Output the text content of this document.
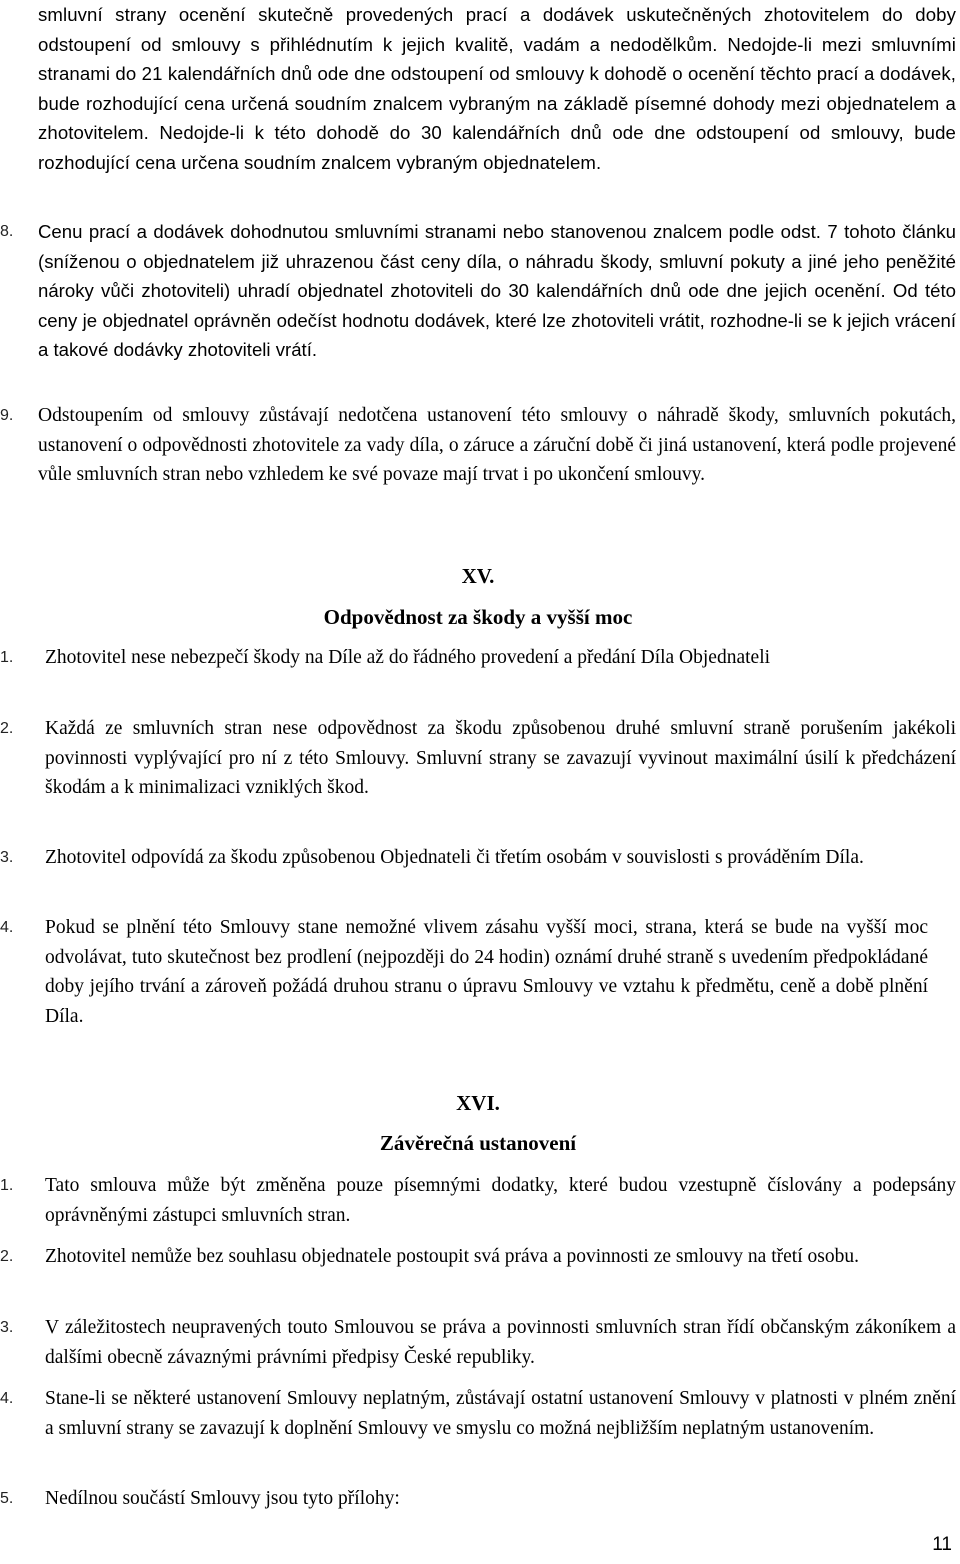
smluvní strany ocenění skutečně provedených prací a dodávek uskutečněných zhotovitelem do doby odstoupení od smlouvy s přihlédnutím k jejich kvalitě, vadám a nedodělkům. Nedojde-li mezi smluvními stranami do 21 kalendářních dnů ode dne odstoupení od smlouvy k dohodě o ocenění těchto prací a dodávek, bude rozhodující cena určená soudním znalcem vybraným na základě písemné dohody mezi objednatelem a zhotovitelem. Nedojde-li k této dohodě do 30 kalendářních dnů ode dne odstoupení od smlouvy, bude rozhodující cena určena soudním znalcem vybraným objednatelem.

8.	Cenu prací a dodávek dohodnutou smluvními stranami nebo stanovenou znalcem podle odst. 7 tohoto článku (sníženou o objednatelem již uhrazenou část ceny díla, o náhradu škody, smluvní pokuty a jiné jeho peněžité nároky vůči zhotoviteli) uhradí objednatel zhotoviteli do 30 kalendářních dnů ode dne jejich ocenění. Od této ceny je objednatel oprávněn odečíst hodnotu dodávek, které lze zhotoviteli vrátit, rozhodne-li se k jejich vrácení a takové dodávky zhotoviteli vrátí.

9.	Odstoupením od smlouvy zůstávají nedotčena ustanovení této smlouvy o náhradě škody, smluvních pokutách, ustanovení o odpovědnosti zhotovitele za vady díla, o záruce a záruční době či jiná ustanovení, která podle projevené vůle smluvních stran nebo vzhledem ke své povaze mají trvat i po ukončení smlouvy.

XV.
Odpovědnost za škody a vyšší moc
1.	Zhotovitel nese nebezpečí škody na Díle až do řádného provedení a předání Díla Objednateli

2.	Každá ze smluvních stran nese odpovědnost za škodu způsobenou druhé smluvní straně porušením jakékoli povinnosti vyplývající pro ní z této Smlouvy. Smluvní strany se zavazují vyvinout maximální úsilí k předcházení škodám a k minimalizaci vzniklých škod.

3.	Zhotovitel odpovídá za škodu způsobenou Objednateli či třetím osobám v souvislosti s prováděním Díla.

4.	Pokud se plnění této Smlouvy stane nemožné vlivem zásahu vyšší moci, strana, která se bude na vyšší moc odvolávat, tuto skutečnost bez prodlení (nejpozději do 24 hodin) oznámí druhé straně s uvedením předpokládané doby jejího trvání a zároveň požádá druhou stranu o úpravu Smlouvy ve vztahu k předmětu, ceně a době plnění Díla.

XVI.
Závěrečná ustanovení
1.	Tato smlouva může být změněna pouze písemnými dodatky, které budou vzestupně číslovány a podepsány oprávněnými zástupci smluvních stran.

2.	Zhotovitel nemůže bez souhlasu objednatele postoupit svá práva a povinnosti ze smlouvy na třetí osobu.

3.	V záležitostech neupravených touto Smlouvou se práva a povinnosti smluvních stran řídí občanským zákoníkem a dalšími obecně závaznými právními předpisy České republiky.

4.	Stane-li se některé ustanovení Smlouvy neplatným, zůstávají ostatní ustanovení Smlouvy v platnosti v plném znění a smluvní strany se zavazují k doplnění Smlouvy ve smyslu co možná nejbližším neplatným ustanovením.

5.	Nedílnou součástí Smlouvy jsou tyto přílohy:

11
